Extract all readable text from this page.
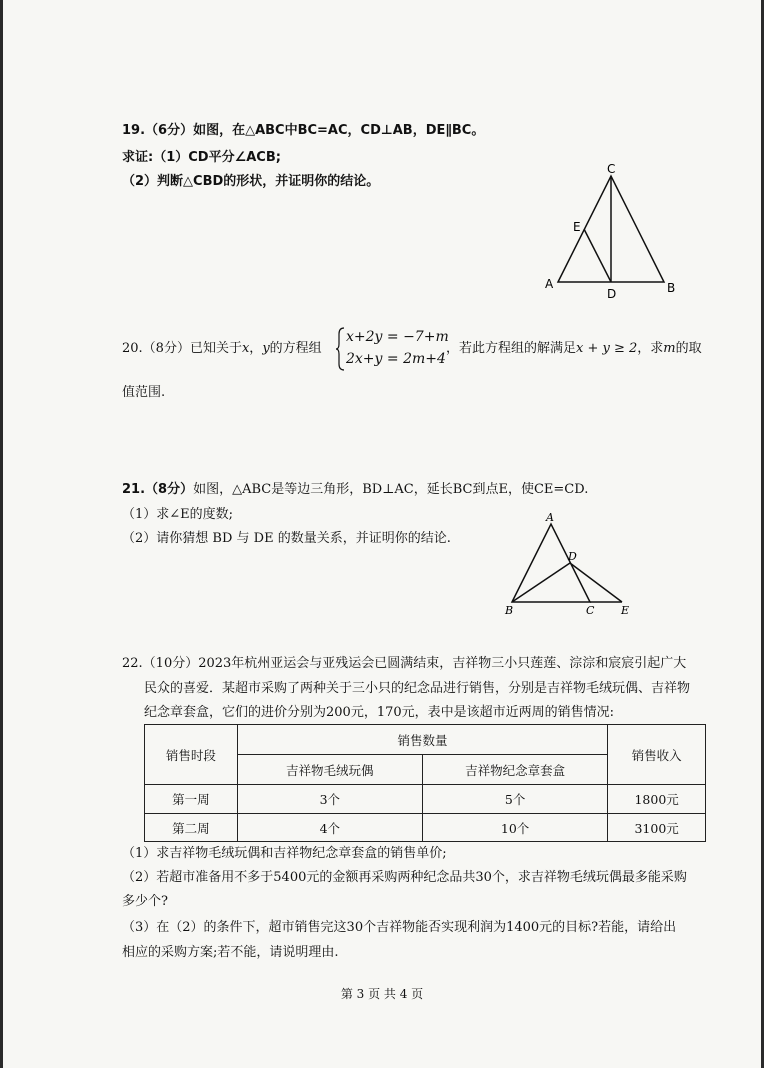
19.（6分）如图，在△ABC中BC=AC，CD⊥AB，DE∥BC。
求证:（1）CD平分∠ACB;
（2）判断△CBD的形状，并证明你的结论。
C
E
A
D	B
20.（8分）已知关于x，y的方程组
x+2y = −7+m
2x+y = 2m+4
，若此方程组的解满足x + y ≥ 2，求m的取
值范围.
21.（8分）如图，△ABC是等边三角形，BD⊥AC，延长BC到点E，使CE=CD.
（1）求∠E的度数;
（2）请你猜想 BD 与 DE 的数量关系，并证明你的结论.
A
D
B	C E
22.（10分）2023年杭州亚运会与亚残运会已圆满结束，吉祥物三小只莲莲、淙淙和宸宸引起广大
民众的喜爱．某超市采购了两种关于三小只的纪念品进行销售，分别是吉祥物毛绒玩偶、吉祥物
纪念章套盒，它们的进价分别为200元，170元，表中是该超市近两周的销售情况:
销售时段	销售数量		销售收入
	吉祥物毛绒玩偶	吉祥物纪念章套盒	
第一周	3个	5个	1800元
第二周	4个	10个	3100元
（1）求吉祥物毛绒玩偶和吉祥物纪念章套盒的销售单价;
（2）若超市准备用不多于5400元的金额再采购两种纪念品共30个，求吉祥物毛绒玩偶最多能采购
多少个?
（3）在（2）的条件下，超市销售完这30个吉祥物能否实现利润为1400元的目标?若能，请给出
相应的采购方案;若不能，请说明理由.
第 3 页 共 4 页
